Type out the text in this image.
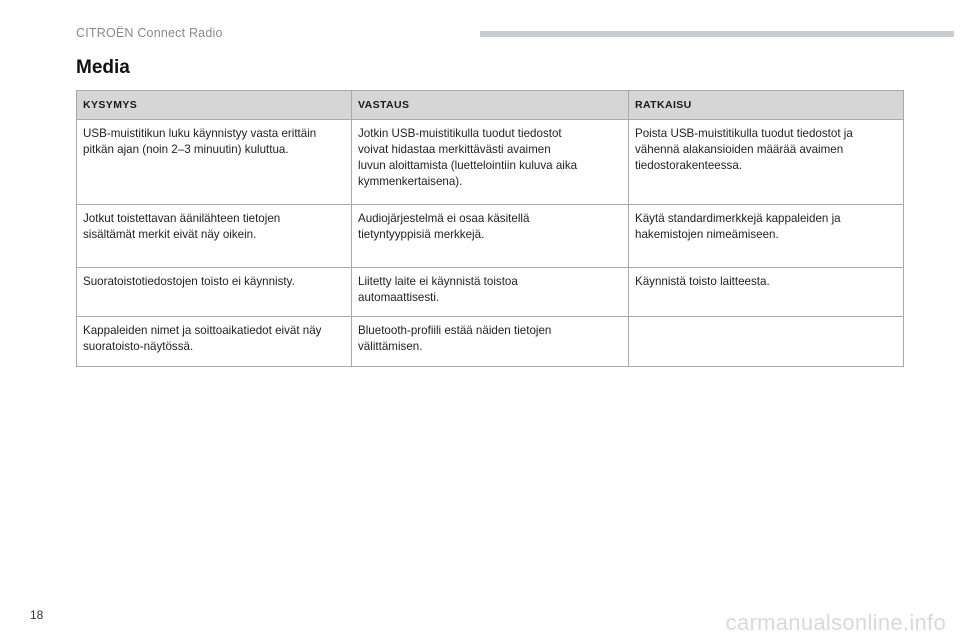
CITROËN Connect Radio
Media
KYSYMYS	VASTAUS	RATKAISU

USB-muistitikun luku käynnistyy vasta erittäin
pitkän ajan (noin 2–3 minuutin) kuluttua.	Jotkin USB-muistitikulla tuodut tiedostot
voivat hidastaa merkittävästi avaimen
luvun aloittamista (luettelointiin kuluva aika
kymmenkertaisena).	Poista USB-muistitikulla tuodut tiedostot ja
vähennä alakansioiden määrää avaimen
tiedostorakenteessa.

Jotkut toistettavan äänilähteen tietojen
sisältämät merkit eivät näy oikein.	Audiojärjestelmä ei osaa käsitellä
tietyntyyppisiä merkkejä.	Käytä standardimerkkejä kappaleiden ja
hakemistojen nimeämiseen.

Suoratoistotiedostojen toisto ei käynnisty.	Liitetty laite ei käynnistä toistoa
automaattisesti.	Käynnistä toisto laitteesta.

Kappaleiden nimet ja soittoaikatiedot eivät näy
suoratoisto-näytössä.	Bluetooth-profiili estää näiden tietojen
välittämisen.	

18	carmanualsonline.info
